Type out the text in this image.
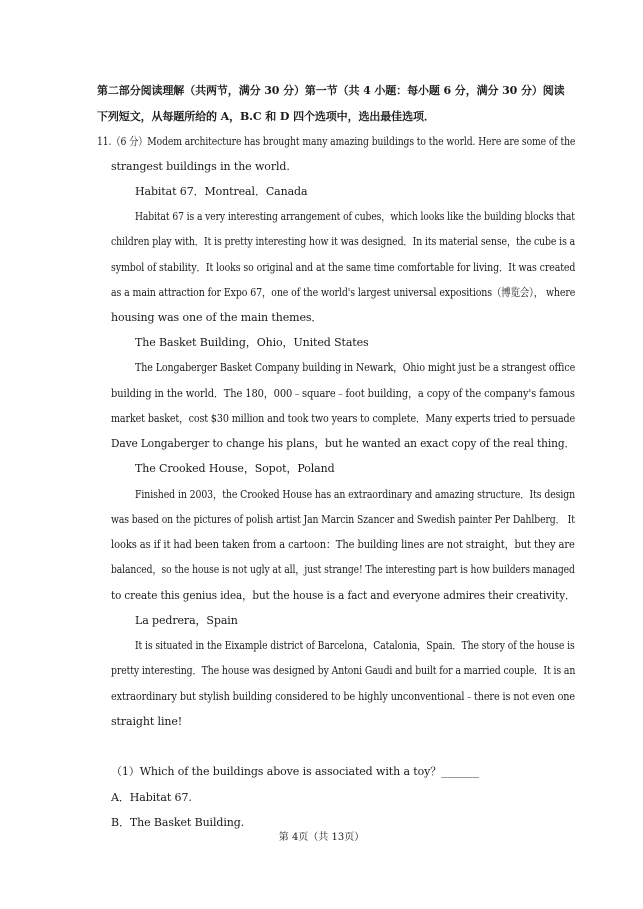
第二部分阅读理解（共两节，满分 30 分）第一节（共 4 小题：每小题 6 分，满分 30 分）阅读
下列短文，从每题所给的 A，B.C 和 D 四个选项中，选出最佳选项．
11.（6 分）Modem architecture has brought many amazing buildings to the world. Here are some of the
strangest buildings in the world.
Habitat 67．Montreal．Canada
Habitat 67 is a very interesting arrangement of cubes，which looks like the building blocks that
children play with．It is pretty interesting how it was designed．In its material sense，the cube is a
symbol of stability．It looks so original and at the same time comfortable for living．It was created
as a main attraction for Expo 67，one of the world's largest universal expositions（博览会）， where
housing was one of the main themes．
The Basket Building，Ohio，United States
The Longaberger Basket Company building in Newark，Ohio might just be a strangest office
building in the world．The 180，000﹣square﹣foot building，a copy of the company's famous
market basket，cost $30 million and took two years to complete．Many experts tried to persuade
Dave Longaberger to change his plans，but he wanted an exact copy of the real thing．
The Crooked House，Sopot，Poland
Finished in 2003，the Crooked House has an extraordinary and amazing structure．Its design
was based on the pictures of polish artist Jan Marcin Szancer and Swedish painter Per Dahlberg． It
looks as if it had been taken from a cartoon：The building lines are not straight，but they are
balanced，so the house is not ugly at all，just strange! The interesting part is how builders managed
to create this genius idea，but the house is a fact and everyone admires their creativity．
La pedrera，Spain
It is situated in the Eixample district of Barcelona，Catalonia，Spain．The story of the house is
pretty interesting．The house was designed by Antoni Gaudi and built for a married couple．It is an
extraordinary but stylish building considered to be highly unconventional﹣there is not even one
straight line!
（1）Which of the buildings above is associated with a toy？_______
A．Habitat 67.
B．The Basket Building.
第 4页（共 13页）
